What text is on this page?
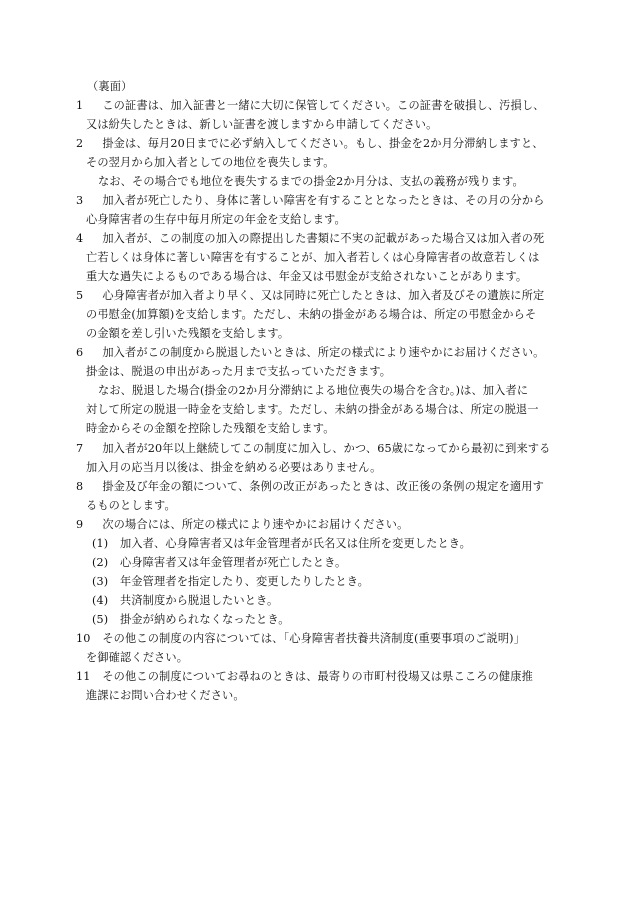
（裏面）
1  この証書は、加入証書と一緒に大切に保管してください。この証書を破損し、汚損し、
又は紛失したときは、新しい証書を渡しますから申請してください。
2  掛金は、毎月20日までに必ず納入してください。もし、掛金を2か月分滞納しますと、
その翌月から加入者としての地位を喪失します。
なお、その場合でも地位を喪失するまでの掛金2か月分は、支払の義務が残ります。
3  加入者が死亡したり、身体に著しい障害を有することとなったときは、その月の分から
心身障害者の生存中毎月所定の年金を支給します。
4  加入者が、この制度の加入の際提出した書類に不実の記載があった場合又は加入者の死
亡若しくは身体に著しい障害を有することが、加入者若しくは心身障害者の故意若しくは
重大な過失によるものである場合は、年金又は弔慰金が支給されないことがあります。
5  心身障害者が加入者より早く、又は同時に死亡したときは、加入者及びその遺族に所定
の弔慰金(加算額)を支給します。ただし、未納の掛金がある場合は、所定の弔慰金からそ
の金額を差し引いた残額を支給します。
6  加入者がこの制度から脱退したいときは、所定の様式により速やかにお届けください。
掛金は、脱退の申出があった月まで支払っていただきます。
なお、脱退した場合(掛金の2か月分滞納による地位喪失の場合を含む。)は、加入者に
対して所定の脱退一時金を支給します。ただし、未納の掛金がある場合は、所定の脱退一
時金からその金額を控除した残額を支給します。
7  加入者が20年以上継続してこの制度に加入し、かつ、65歳になってから最初に到来する
加入月の応当月以後は、掛金を納める必要はありません。
8  掛金及び年金の額について、条例の改正があったときは、改正後の条例の規定を適用す
るものとします。
9  次の場合には、所定の様式により速やかにお届けください。
(1) 加入者、心身障害者又は年金管理者が氏名又は住所を変更したとき。
(2) 心身障害者又は年金管理者が死亡したとき。
(3) 年金管理者を指定したり、変更したりしたとき。
(4) 共済制度から脱退したいとき。
(5) 掛金が納められなくなったとき。
10  その他この制度の内容については、「心身障害者扶養共済制度(重要事項のご説明)」
を御確認ください。
11  その他この制度についてお尋ねのときは、最寄りの市町村役場又は県こころの健康推
進課にお問い合わせください。
